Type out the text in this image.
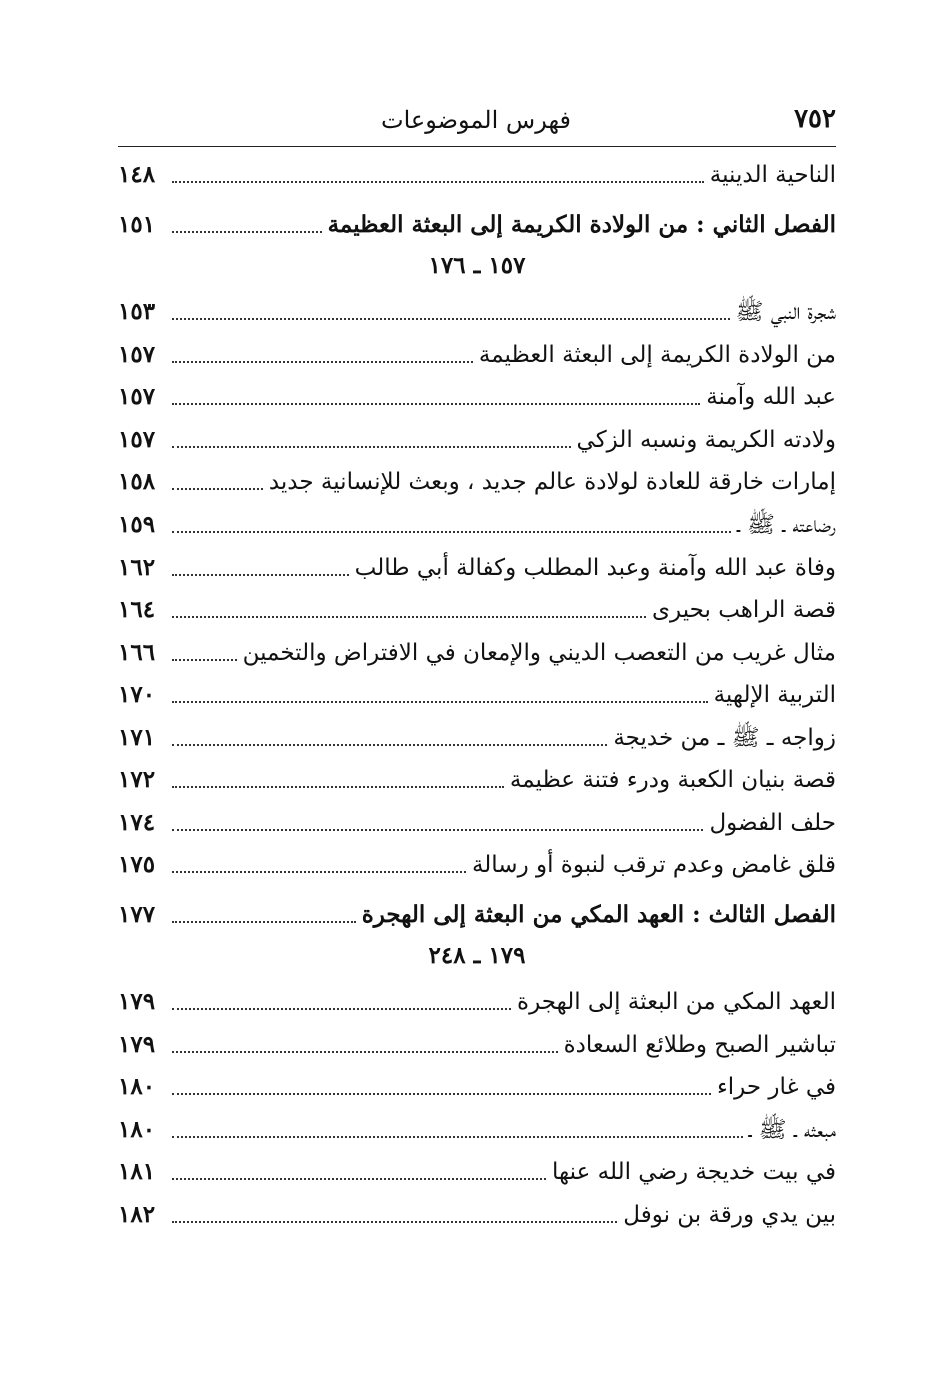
٧٥٢
فهرس الموضوعات
١٥٧ ـ ١٧٦
١٧٩ ـ ٢٤٨
الناحية الدينية
١٤٨
الفصل الثاني : من الولادة الكريمة إلى البعثة العظيمة
١٥١
شجرة النبي ﷺ
١٥٣
من الولادة الكريمة إلى البعثة العظيمة
١٥٧
عبد الله وآمنة
١٥٧
ولادته الكريمة ونسبه الزكي
١٥٧
إمارات خارقة للعادة لولادة عالم جديد ، وبعث للإنسانية جديد
١٥٨
رضاعته ـ ﷺ ـ
١٥٩
وفاة عبد الله وآمنة وعبد المطلب وكفالة أبي طالب
١٦٢
قصة الراهب بحيرى
١٦٤
مثال غريب من التعصب الديني والإمعان في الافتراض والتخمين
١٦٦
التربية الإلهية
١٧٠
زواجه ـ ﷺ ـ من خديجة
١٧١
قصة بنيان الكعبة ودرء فتنة عظيمة
١٧٢
حلف الفضول
١٧٤
قلق غامض وعدم ترقب لنبوة أو رسالة
١٧٥
الفصل الثالث : العهد المكي من البعثة إلى الهجرة
١٧٧
العهد المكي من البعثة إلى الهجرة
١٧٩
تباشير الصبح وطلائع السعادة
١٧٩
في غار حراء
١٨٠
مبعثه ـ ﷺ ـ
١٨٠
في بيت خديجة رضي الله عنها
١٨١
بين يدي ورقة بن نوفل
١٨٢
